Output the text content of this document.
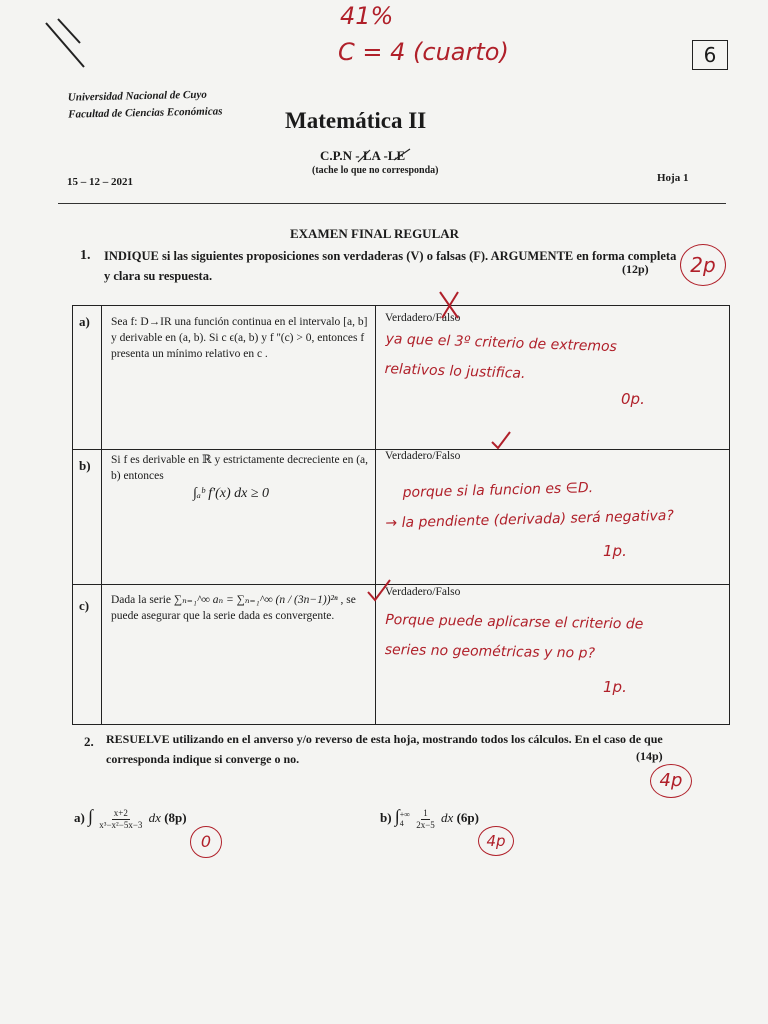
41%
C = 4 (cuarto)	6
Universidad Nacional de Cuyo
Facultad de Ciencias Económicas	Matemática II
C.P.N - LA -LE
(tache lo que no corresponda)
15 – 12 – 2021	Hoja 1
EXAMEN FINAL REGULAR
1. INDIQUE si las siguientes proposiciones son verdaderas (V) o falsas (F). ARGUMENTE en forma completa y clara su respuesta.	(12p)	2p
a) Sea f: D→IR una función continua en el intervalo [a, b] y derivable en (a, b). Si c ϵ(a, b) y f ''(c) > 0, entonces f presenta un mínimo relativo en c .
Verdadero/Falso
ya que el 3º criterio de extremos
relativos lo justifica.
0p.
b) Si f es derivable en ℝ y estrictamente decreciente en (a, b) entonces
∫ₐᵇ f'(x) dx ≥ 0
Verdadero/Falso
porque si la funcion es ∈D.
→ la pendiente (derivada) será negativa?
1p.
c) Dada la serie ∑ₙ₌₁^∞ aₙ = ∑ₙ₌₁^∞ (n / (3n−1))²ⁿ , se puede asegurar que la serie dada es convergente.
Verdadero/Falso
Porque puede aplicarse el criterio de
series no geométricas y no p?
1p.
2. RESUELVE utilizando en el anverso y/o reverso de esta hoja, mostrando todos los cálculos. En el caso de que corresponda indique si converge o no.	(14p)
4p
a) ∫ $\frac{x+2}{\text{x³−x²−5x−3}}$ dx (8p)
0
b) ∫ +∞
4
	$\frac{1}{2x-5}$ dx (6p)
4p
